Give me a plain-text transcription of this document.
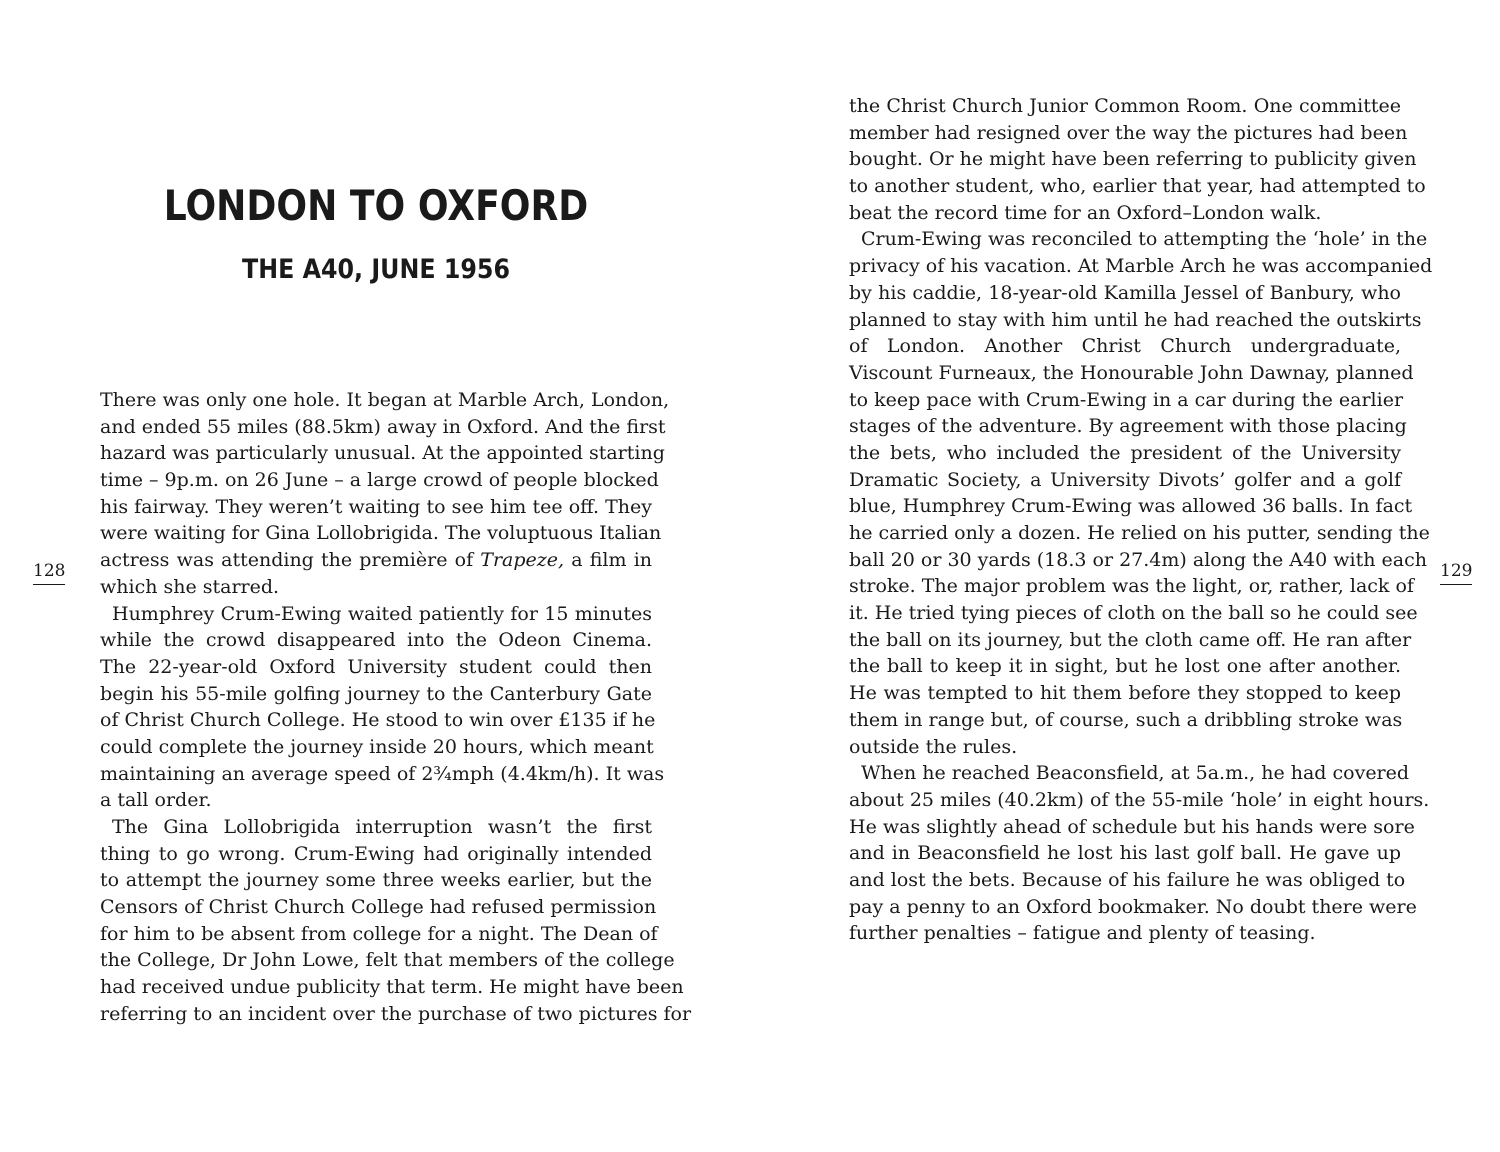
LONDON TO OXFORD
THE A40, JUNE 1956
There was only one hole. It began at Marble Arch, London,
and ended 55 miles (88.5km) away in Oxford. And the first
hazard was particularly unusual. At the appointed starting
time – 9p.m. on 26 June – a large crowd of people blocked
his fairway. They weren’t waiting to see him tee off. They
were waiting for Gina Lollobrigida. The voluptuous Italian
actress was attending the première of Trapeze, a film in
which she starred.
Humphrey Crum-Ewing waited patiently for 15 minutes
while the crowd disappeared into the Odeon Cinema.
The 22-year-old Oxford University student could then
begin his 55-mile golfing journey to the Canterbury Gate
of Christ Church College. He stood to win over £135 if he
could complete the journey inside 20 hours, which meant
maintaining an average speed of 2¾mph (4.4km/h). It was
a tall order.
The Gina Lollobrigida interruption wasn’t the first
thing to go wrong. Crum-Ewing had originally intended
to attempt the journey some three weeks earlier, but the
Censors of Christ Church College had refused permission
for him to be absent from college for a night. The Dean of
the College, Dr John Lowe, felt that members of the college
had received undue publicity that term. He might have been
referring to an incident over the purchase of two pictures for
128
the Christ Church Junior Common Room. One committee
member had resigned over the way the pictures had been
bought. Or he might have been referring to publicity given
to another student, who, earlier that year, had attempted to
beat the record time for an Oxford–London walk.
Crum-Ewing was reconciled to attempting the ‘hole’ in the
privacy of his vacation. At Marble Arch he was accompanied
by his caddie, 18-year-old Kamilla Jessel of Banbury, who
planned to stay with him until he had reached the outskirts
of London. Another Christ Church undergraduate,
Viscount Furneaux, the Honourable John Dawnay, planned
to keep pace with Crum-Ewing in a car during the earlier
stages of the adventure. By agreement with those placing
the bets, who included the president of the University
Dramatic Society, a University Divots’ golfer and a golf
blue, Humphrey Crum-Ewing was allowed 36 balls. In fact
he carried only a dozen. He relied on his putter, sending the
ball 20 or 30 yards (18.3 or 27.4m) along the A40 with each
stroke. The major problem was the light, or, rather, lack of
it. He tried tying pieces of cloth on the ball so he could see
the ball on its journey, but the cloth came off. He ran after
the ball to keep it in sight, but he lost one after another.
He was tempted to hit them before they stopped to keep
them in range but, of course, such a dribbling stroke was
outside the rules.
When he reached Beaconsfield, at 5a.m., he had covered
about 25 miles (40.2km) of the 55-mile ‘hole’ in eight hours.
He was slightly ahead of schedule but his hands were sore
and in Beaconsfield he lost his last golf ball. He gave up
and lost the bets. Because of his failure he was obliged to
pay a penny to an Oxford bookmaker. No doubt there were
further penalties – fatigue and plenty of teasing.
129
